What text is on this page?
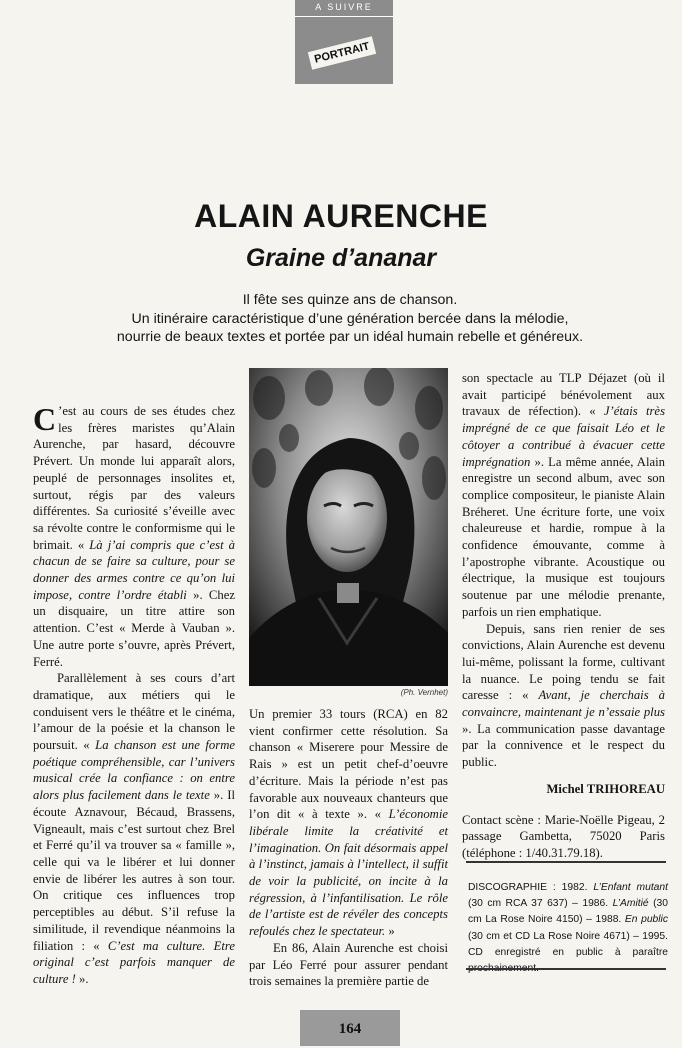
A SUIVRE
PORTRAIT
ALAIN AURENCHE
Graine d’ananar
Il fête ses quinze ans de chanson.
Un itinéraire caractéristique d’une génération bercée dans la mélodie,
nourrie de beaux textes et portée par un idéal humain rebelle et généreux.

C ’est au cours de ses études chez les frères maristes qu’Alain Aurenche, par hasard, découvre Prévert. Un monde lui apparaît alors, peuplé de personnages insolites et, surtout, régis par des valeurs différentes. Sa curiosité s’éveille avec sa révolte contre le conformisme qui le brimait. « Là j’ai compris que c’est à chacun de se faire sa culture, pour se donner des armes contre ce qu’on lui impose, contre l’ordre établi ». Chez un disquaire, un titre attire son attention. C’est « Merde à Vauban ». Une autre porte s’ouvre, après Prévert, Ferré.

Parallèlement à ses cours d’art dramatique, aux métiers qui le conduisent vers le théâtre et le cinéma, l’amour de la poésie et la chanson le poursuit. « La chanson est une forme poétique compréhensible, car l’univers musical crée la confiance : on entre alors plus facilement dans le texte ». Il écoute Aznavour, Bécaud, Brassens, Vigneault, mais c’est surtout chez Brel et Ferré qu’il va trouver sa « famille », celle qui va le libérer et lui donner envie de libérer les autres à son tour. On critique ces influences trop perceptibles au début. S’il refuse la similitude, il revendique néanmoins la filiation : « C’est ma culture. Etre original c’est parfois manquer de culture ! ».

(Ph. Vernhet)

Un premier 33 tours (RCA) en 82 vient confirmer cette résolution. Sa chanson « Miserere pour Messire de Rais » est un petit chef-d’oeuvre d’écriture. Mais la période n’est pas favorable aux nouveaux chanteurs que l’on dit « à texte ». « L’économie libérale limite la créativité et l’imagination. On fait désormais appel à l’instinct, jamais à l’intellect, il suffit de voir la publicité, on incite à la régression, à l’infantilisation. Le rôle de l’artiste est de révéler des concepts refoulés chez le spectateur. »

En 86, Alain Aurenche est choisi par Léo Ferré pour assurer pendant trois semaines la première partie de

son spectacle au TLP Déjazet (où il avait participé bénévolement aux travaux de réfection). « J’étais très imprégné de ce que faisait Léo et le côtoyer a contribué à évacuer cette imprégnation ». La même année, Alain enregistre un second album, avec son complice compositeur, le pianiste Alain Bréheret. Une écriture forte, une voix chaleureuse et hardie, rompue à la confidence émouvante, comme à l’apostrophe vibrante. Acoustique ou électrique, la musique est toujours soutenue par une mélodie prenante, parfois un rien emphatique.

Depuis, sans rien renier de ses convictions, Alain Aurenche est devenu lui-même, polissant la forme, cultivant la nuance. Le poing tendu se fait caresse : « Avant, je cherchais à convaincre, maintenant je n’essaie plus ». La communication passe davantage par la connivence et le respect du public.

Michel TRIHOREAU

Contact scène : Marie-Noëlle Pigeau, 2 passage Gambetta, 75020 Paris (téléphone : 1/40.31.79.18).

DISCOGRAPHIE : 1982. L’Enfant mutant (30 cm RCA 37 637) – 1986. L’Amitié (30 cm La Rose Noire 4150) – 1988. En public (30 cm et CD La Rose Noire 4671) – 1995. CD enregistré en public à paraître
164
